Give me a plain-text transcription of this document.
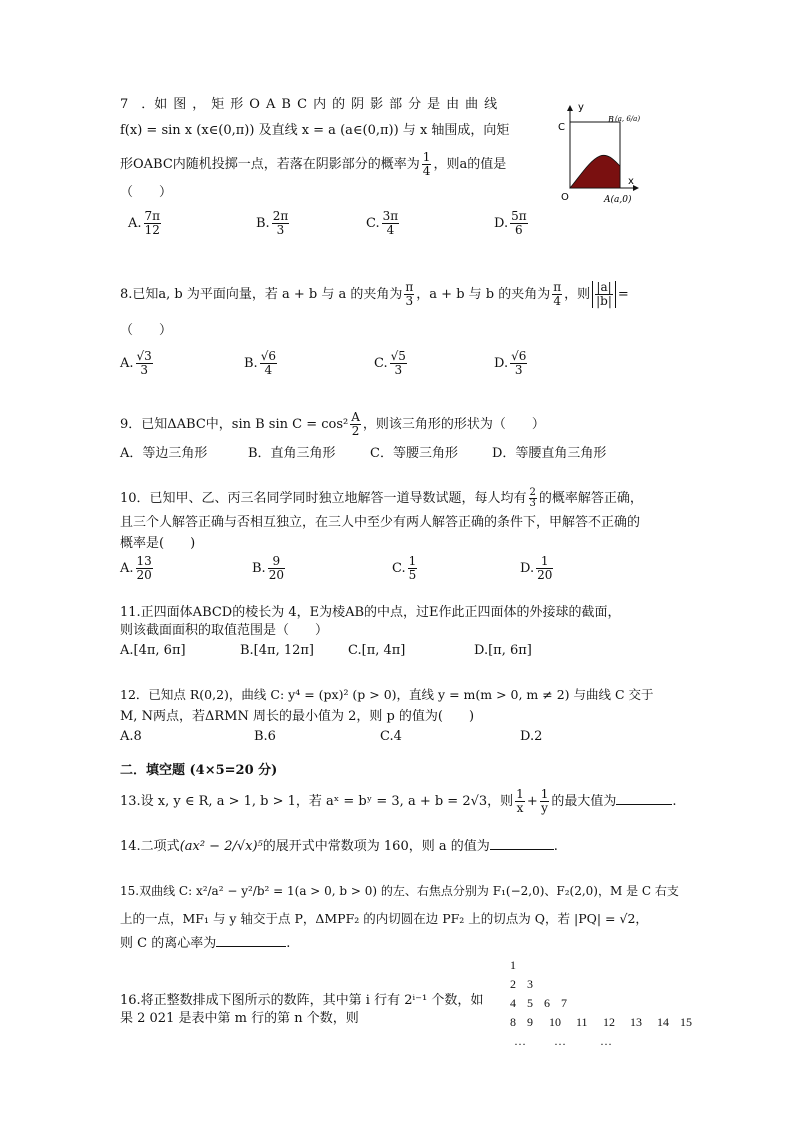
7　．如图，矩形OABC内的阴影部分是由曲线
f(x) = sin x (x∈(0,π)) 及直线 x = a (a∈(0,π)) 与 x 轴围成，向矩
形OABC内随机投掷一点，若落在阴影部分的概率为 $\frac{1}{4}$ ，则a的值是
（　　）
A. $\frac{7\pi}{12}$	B. $\frac{2\pi}{3}$	C. $\frac{3\pi}{4}$	D. $\frac{5\pi}{6}$
y
x
C
B (a, 6/a)
O	A(a,0)
8.已知a, b 为平面向量，若 a + b 与 a 的夹角为 $\frac{\pi}{3}$ ，a + b 与 b 的夹角为 $\frac{\pi}{4}$ ，则 $\frac{|a|}{|b|}$ =
（　　）
A. $\frac{√3}{3}$	B. $\frac{√6}{4}$	C. $\frac{√5}{3}$	D. $\frac{√6}{3}$
9．已知ΔABC中，sin B $\sin C = \cos^2 \frac{A}{2}$ ，则该三角形的形状为（　　）
A．等边三角形	B．直角三角形	C．等腰三角形	D．等腰直角三角形
10．已知甲、乙、丙三名同学同时独立地解答一道导数试题，每人均有 $\frac{2}{3}$ 的概率解答正确，
且三个人解答正确与否相互独立，在三人中至少有两人解答正确的条件下，甲解答不正确的
概率是(　　)
A. $\frac{13}{20}$	B. $\frac{9}{20}$	C. $\frac{1}{5}$	D. $\frac{1}{20}$
11.正四面体ABCD的棱长为 4，E为棱AB的中点，过E作此正四面体的外接球的截面，
则该截面面积的取值范围是（　　）
A.[4π, 6π]	B.[4π, 12π]	C.[π, 4π]	D.[π, 6π]
12．已知点 R(0,2)，曲线 C: y⁴ = (px)² (p > 0)，直线 y = m(m > 0, m ≠ 2) 与曲线 C 交于
M, N两点，若ΔRMN 周长的最小值为 2，则 p 的值为(　　)
A.8	B.6	C.4	D.2
二．填空题 (4×5=20 分)
13.设 x, y ∈ R, a > 1, b > 1，若 aˣ = bʸ = 3, a + b = 2√3，则 $\frac{1}{x} + \frac{1}{y}$ 的最大值为	.
14.二项式(ax² − 2/√x)⁵的展开式中常数项为 160，则 a 的值为	.
15.双曲线 C: x²/a² − y²/b² = 1(a > 0, b > 0) 的左、右焦点分别为 F₁(−2,0)、F₂(2,0)，M 是 C 右支
上的一点，MF₁ 与 y 轴交于点 P，ΔMPF₂ 的内切圆在边 PF₂ 上的切点为 Q，若 |PQ| = √2，
则 C 的离心率为	.
16.将正整数排成下图所示的数阵，其中第 i 行有 2ⁱ⁻¹ 个数，如
果 2 021 是表中第 m 行的第 n 个数，则
1
2 3
4 5 6 7
8 9 10 11 12 13 14 15
… …	…
